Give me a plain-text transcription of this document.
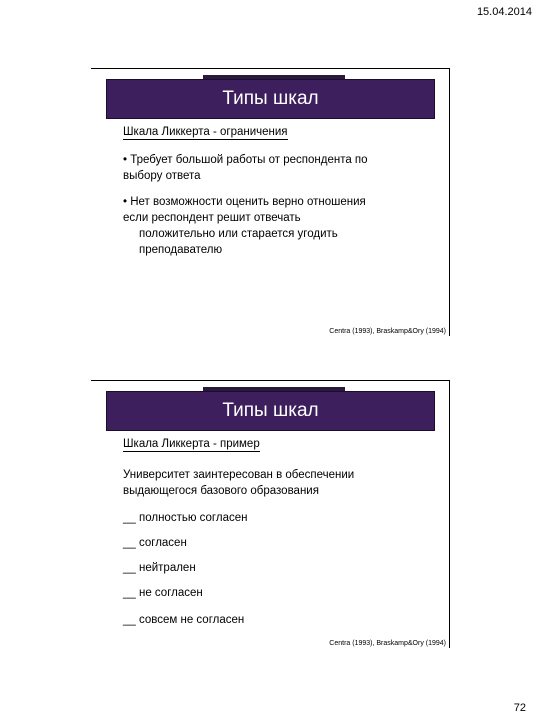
15.04.2014
Типы шкал
Шкала Ликкерта - ограничения
• Требует большой работы от респондента по
выбору ответа
• Нет возможности оценить верно отношения
если респондент решит отвечать
положительно или старается угодить
преподавателю
Centra (1993), Braskamp&Ory (1994)
Типы шкал
Шкала Ликкерта - пример
Университет заинтересован в обеспечении
выдающегося базового образования
__ полностью согласен
__ согласен
__ нейтрален
__ не согласен
__ совсем не согласен
Centra (1993), Braskamp&Ory (1994)
72
